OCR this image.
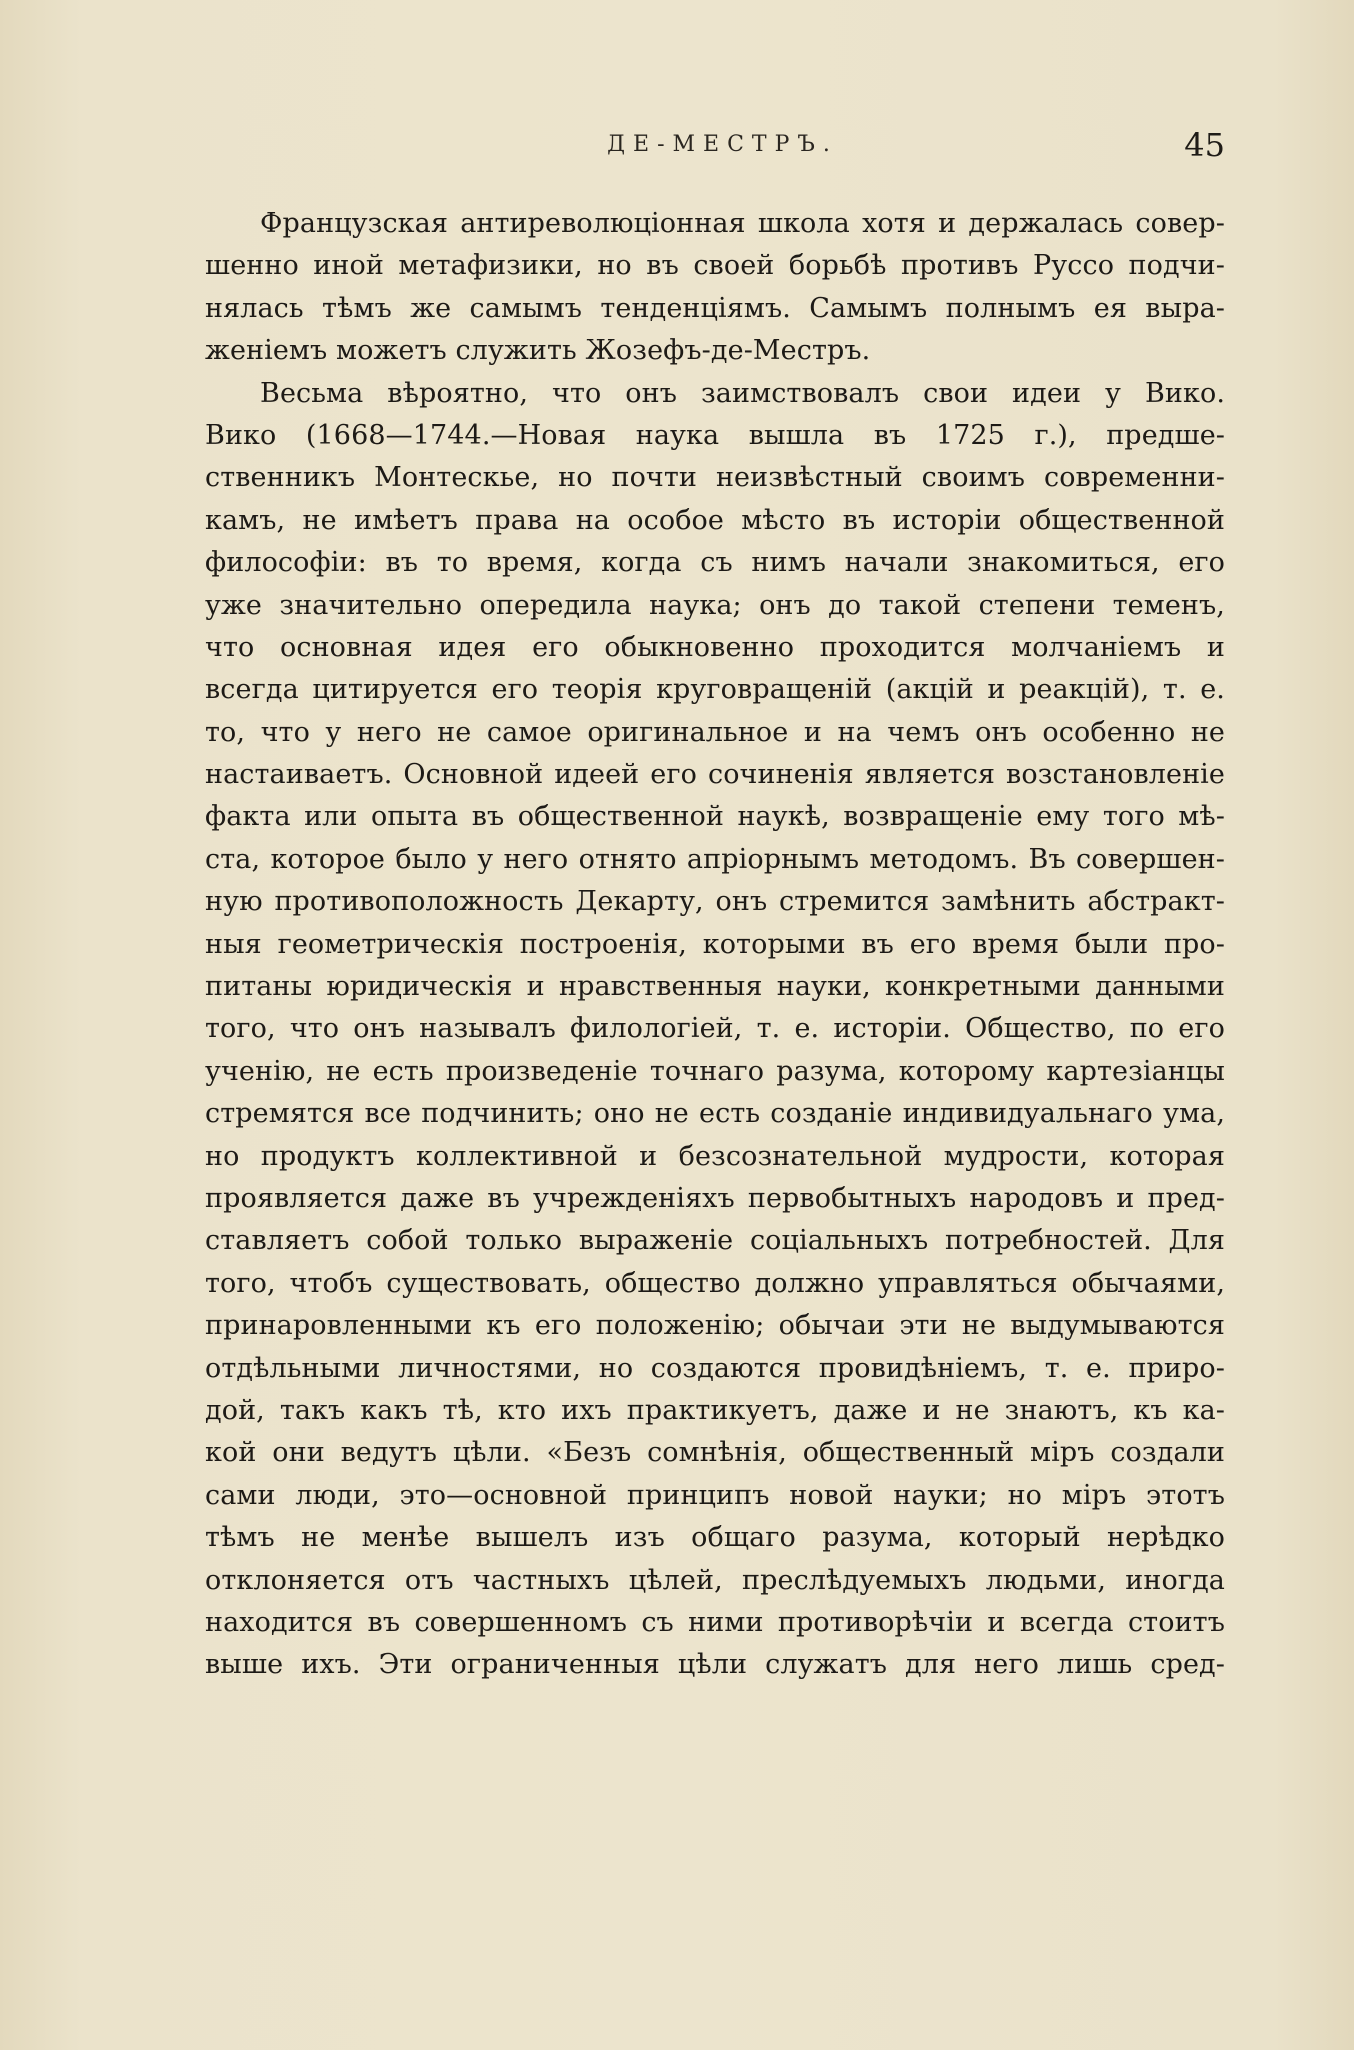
ДЕ-МЕСТРЪ.	45
Французская антиреволюціонная школа хотя и держалась совер-
шенно иной метафизики, но въ своей борьбѣ противъ Руссо подчи-
нялась тѣмъ же самымъ тенденціямъ. Самымъ полнымъ ея выра-
женіемъ можетъ служить Жозефъ-де-Местръ.
Весьма вѣроятно, что онъ заимствовалъ свои идеи у Вико.
Вико (1668—1744.—Новая наука вышла въ 1725 г.), предше-
ственникъ Монтескье, но почти неизвѣстный своимъ современни-
камъ, не имѣетъ права на особое мѣсто въ исторіи общественной
философіи: въ то время, когда съ нимъ начали знакомиться, его
уже значительно опередила наука; онъ до такой степени теменъ,
что основная идея его обыкновенно проходится молчаніемъ и
всегда цитируется его теорія круговращеній (акцій и реакцій), т. е.
то, что у него не самое оригинальное и на чемъ онъ особенно не
настаиваетъ. Основной идеей его сочиненія является возстановленіе
факта или опыта въ общественной наукѣ, возвращеніе ему того мѣ-
ста, которое было у него отнято апріорнымъ методомъ. Въ совершен-
ную противоположность Декарту, онъ стремится замѣнить абстракт-
ныя геометрическія построенія, которыми въ его время были про-
питаны юридическія и нравственныя науки, конкретными данными
того, что онъ называлъ филологіей, т. е. исторіи. Общество, по его
ученію, не есть произведеніе точнаго разума, которому картезіанцы
стремятся все подчинить; оно не есть созданіе индивидуальнаго ума,
но продуктъ коллективной и безсознательной мудрости, которая
проявляется даже въ учрежденіяхъ первобытныхъ народовъ и пред-
ставляетъ собой только выраженіе соціальныхъ потребностей. Для
того, чтобъ существовать, общество должно управляться обычаями,
принаровленными къ его положенію; обычаи эти не выдумываются
отдѣльными личностями, но создаются провидѣніемъ, т. е. приро-
дой, такъ какъ тѣ, кто ихъ практикуетъ, даже и не знаютъ, къ ка-
кой они ведутъ цѣли. «Безъ сомнѣнія, общественный міръ создали
сами люди, это—основной принципъ новой науки; но міръ этотъ
тѣмъ не менѣе вышелъ изъ общаго разума, который нерѣдко
отклоняется отъ частныхъ цѣлей, преслѣдуемыхъ людьми, иногда
находится въ совершенномъ съ ними противорѣчіи и всегда стоитъ
выше ихъ. Эти ограниченныя цѣли служатъ для него лишь сред-
